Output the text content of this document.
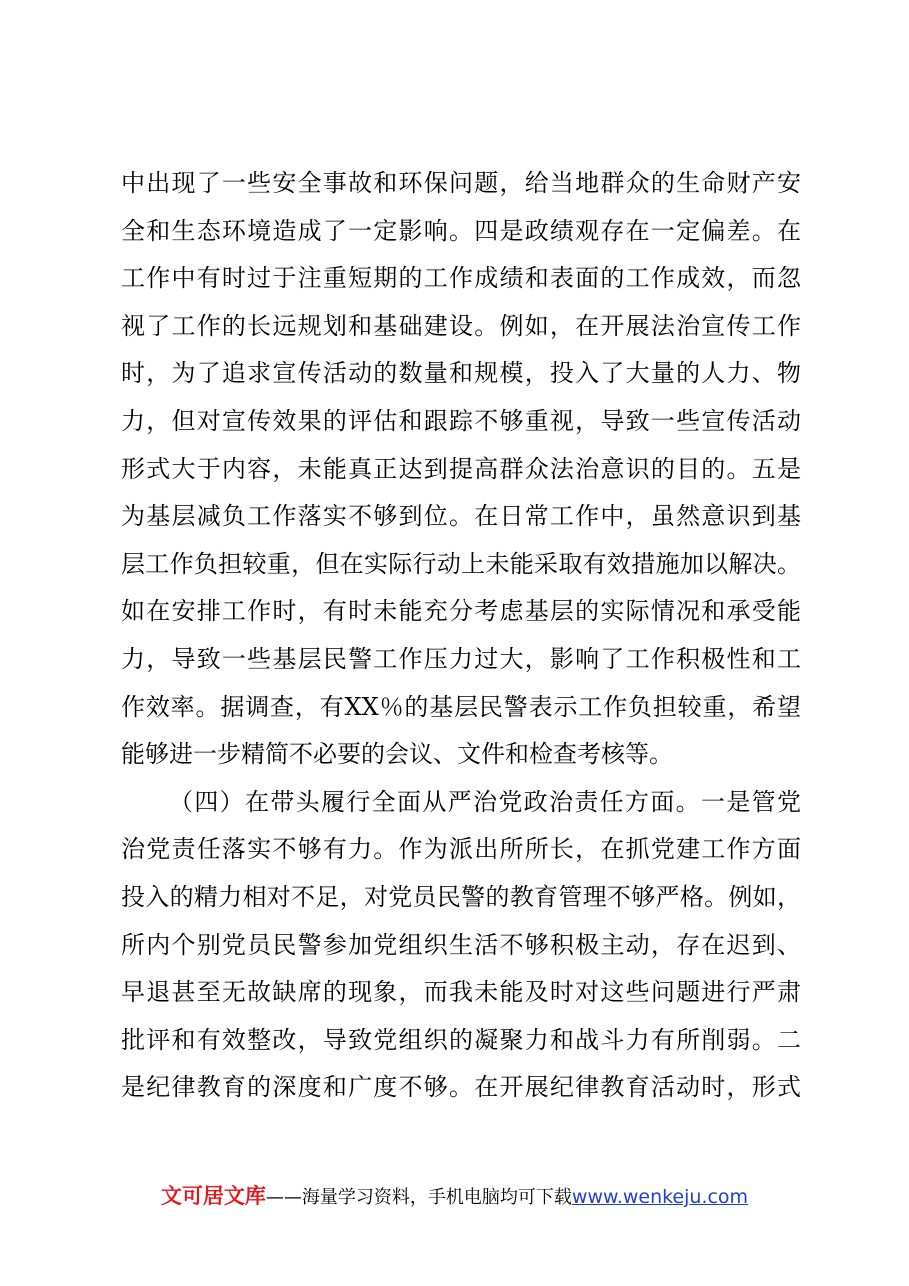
中出现了一些安全事故和环保问题，给当地群众的生命财产安
全和生态环境造成了一定影响。四是政绩观存在一定偏差。在
工作中有时过于注重短期的工作成绩和表面的工作成效，而忽
视了工作的长远规划和基础建设。例如，在开展法治宣传工作
时，为了追求宣传活动的数量和规模，投入了大量的人力、物
力，但对宣传效果的评估和跟踪不够重视，导致一些宣传活动
形式大于内容，未能真正达到提高群众法治意识的目的。五是
为基层减负工作落实不够到位。在日常工作中，虽然意识到基
层工作负担较重，但在实际行动上未能采取有效措施加以解决。
如在安排工作时，有时未能充分考虑基层的实际情况和承受能
力，导致一些基层民警工作压力过大，影响了工作积极性和工
作效率。据调查，有XX％的基层民警表示工作负担较重，希望
能够进一步精简不必要的会议、文件和检查考核等。
（四）在带头履行全面从严治党政治责任方面。一是管党
治党责任落实不够有力。作为派出所所长，在抓党建工作方面
投入的精力相对不足，对党员民警的教育管理不够严格。例如，
所内个别党员民警参加党组织生活不够积极主动，存在迟到、
早退甚至无故缺席的现象，而我未能及时对这些问题进行严肃
批评和有效整改，导致党组织的凝聚力和战斗力有所削弱。二
是纪律教育的深度和广度不够。在开展纪律教育活动时，形式
文可居文库——海量学习资料，手机电脑均可下载www.wenkeju.com
